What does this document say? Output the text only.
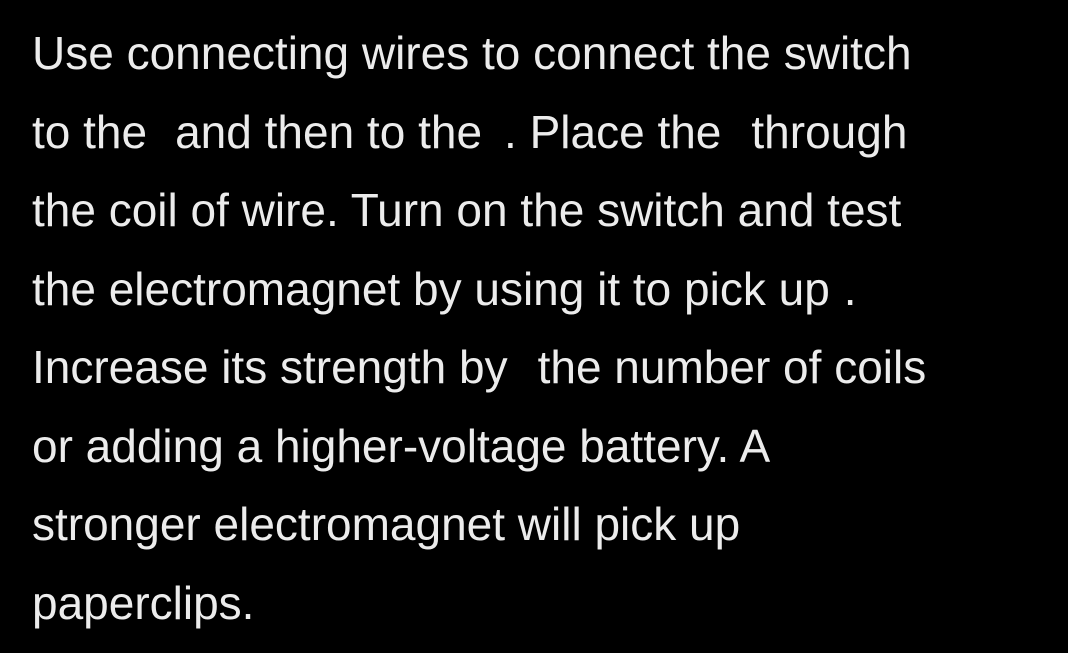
Use connecting wires to connect the switch
to the and then to the . Place the through
the coil of wire. Turn on the switch and test
the electromagnet by using it to pick up .
Increase its strength by the number of coils
or adding a higher-voltage battery. A
stronger electromagnet will pick up
paperclips.
